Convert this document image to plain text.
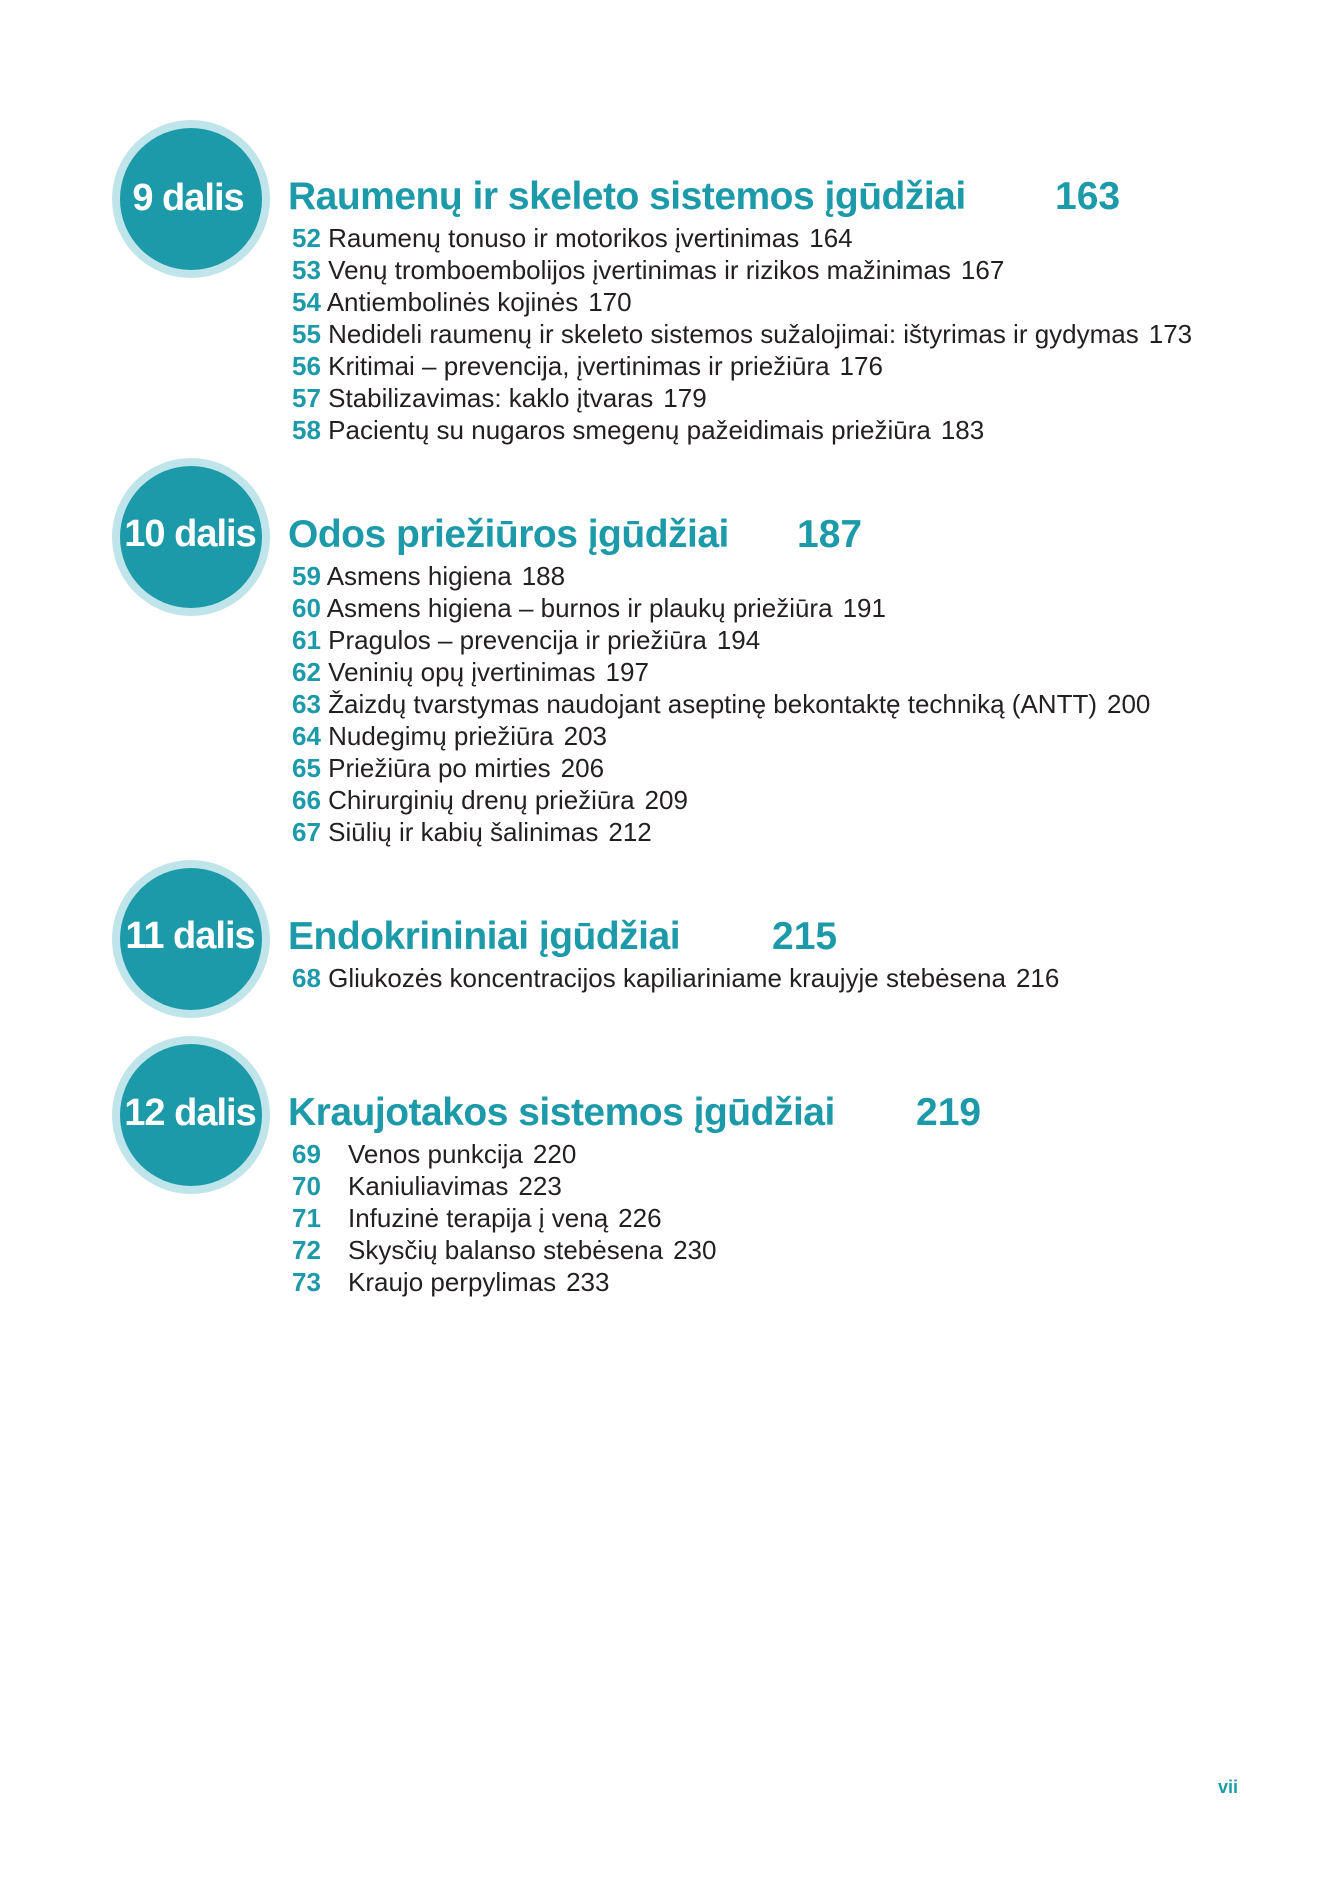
9 dalis	Raumenų ir skeleto sistemos įgūdžiai 163
52 Raumenų tonuso ir motorikos įvertinimas 164
53 Venų tromboembolijos įvertinimas ir rizikos mažinimas 167
54 Antiembolinės kojinės 170
55 Nedideli raumenų ir skeleto sistemos sužalojimai: ištyrimas ir gydymas 173
56 Kritimai – prevencija, įvertinimas ir priežiūra 176
57 Stabilizavimas: kaklo įtvaras 179
58 Pacientų su nugaros smegenų pažeidimais priežiūra 183
10 dalis Odos priežiūros įgūdžiai 187
59 Asmens higiena 188
60 Asmens higiena – burnos ir plaukų priežiūra 191
61 Pragulos – prevencija ir priežiūra 194
62 Veninių opų įvertinimas 197
63 Žaizdų tvarstymas naudojant aseptinę bekontaktę techniką (ANTT) 200
64 Nudegimų priežiūra 203
65 Priežiūra po mirties 206
66 Chirurginių drenų priežiūra 209
67 Siūlių ir kabių šalinimas 212
11 dalis Endokrininiai įgūdžiai 215
68 Gliukozės koncentracijos kapiliariniame kraujyje stebėsena 216
12 dalis Kraujotakos sistemos įgūdžiai 219
69 Venos punkcija 220
70 Kaniuliavimas 223
71 Infuzinė terapija į veną 226
72 Skysčių balanso stebėsena 230
73 Kraujo perpylimas 233
vii
